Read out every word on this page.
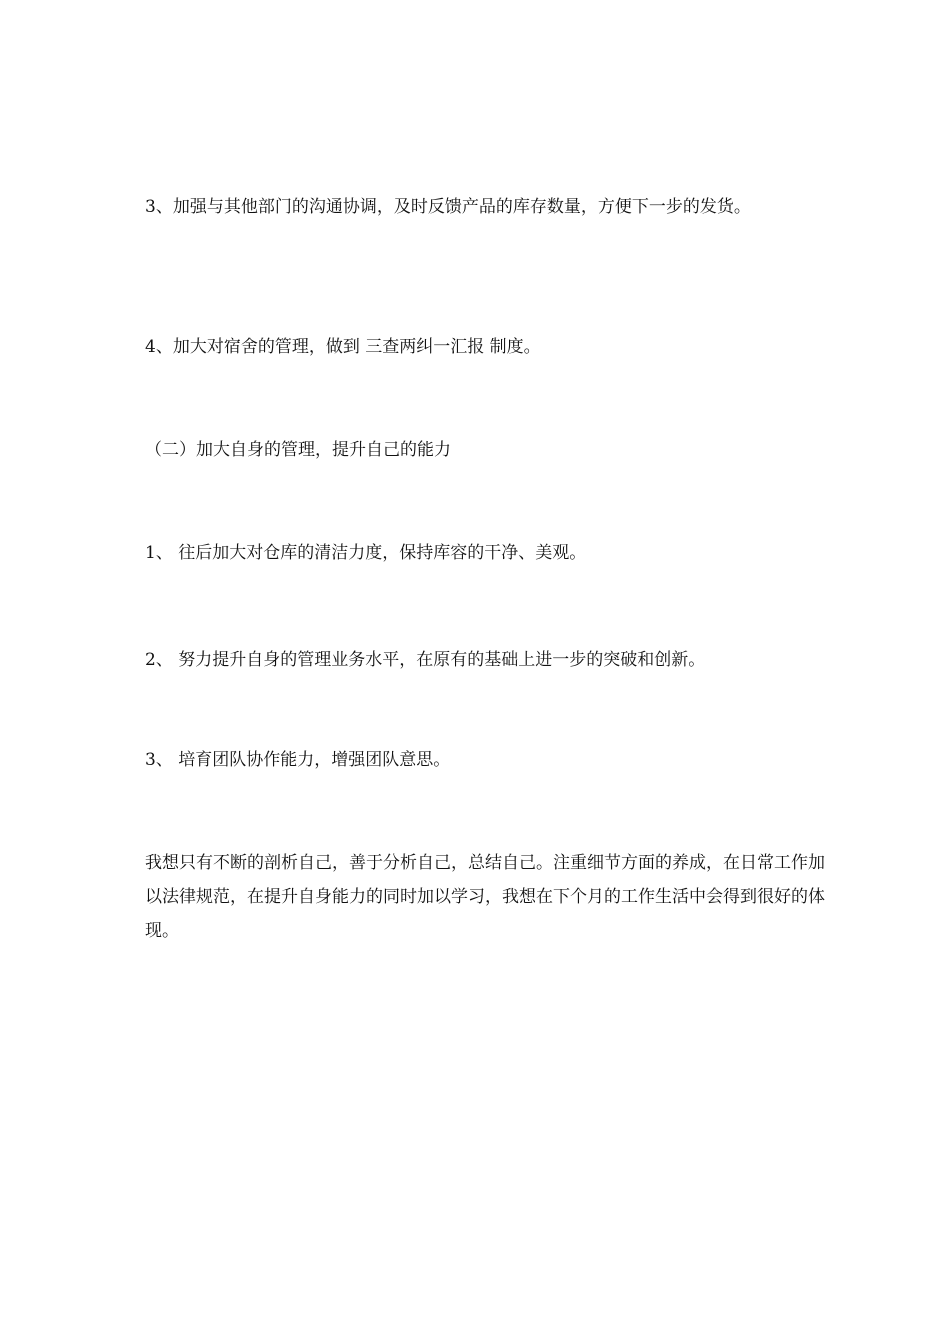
3、加强与其他部门的沟通协调，及时反馈产品的库存数量，方便下一步的发货。

4、加大对宿舍的管理，做到 三查两纠一汇报 制度。

（二）加大自身的管理，提升自己的能力

1、 往后加大对仓库的清洁力度，保持库容的干净、美观。

2、 努力提升自身的管理业务水平，在原有的基础上进一步的突破和创新。

3、 培育团队协作能力，增强团队意思。

我想只有不断的剖析自己，善于分析自己，总结自己。注重细节方面的养成，在日常工作加以法律规范，在提升自身能力的同时加以学习，我想在下个月的工作生活中会得到很好的体现。
